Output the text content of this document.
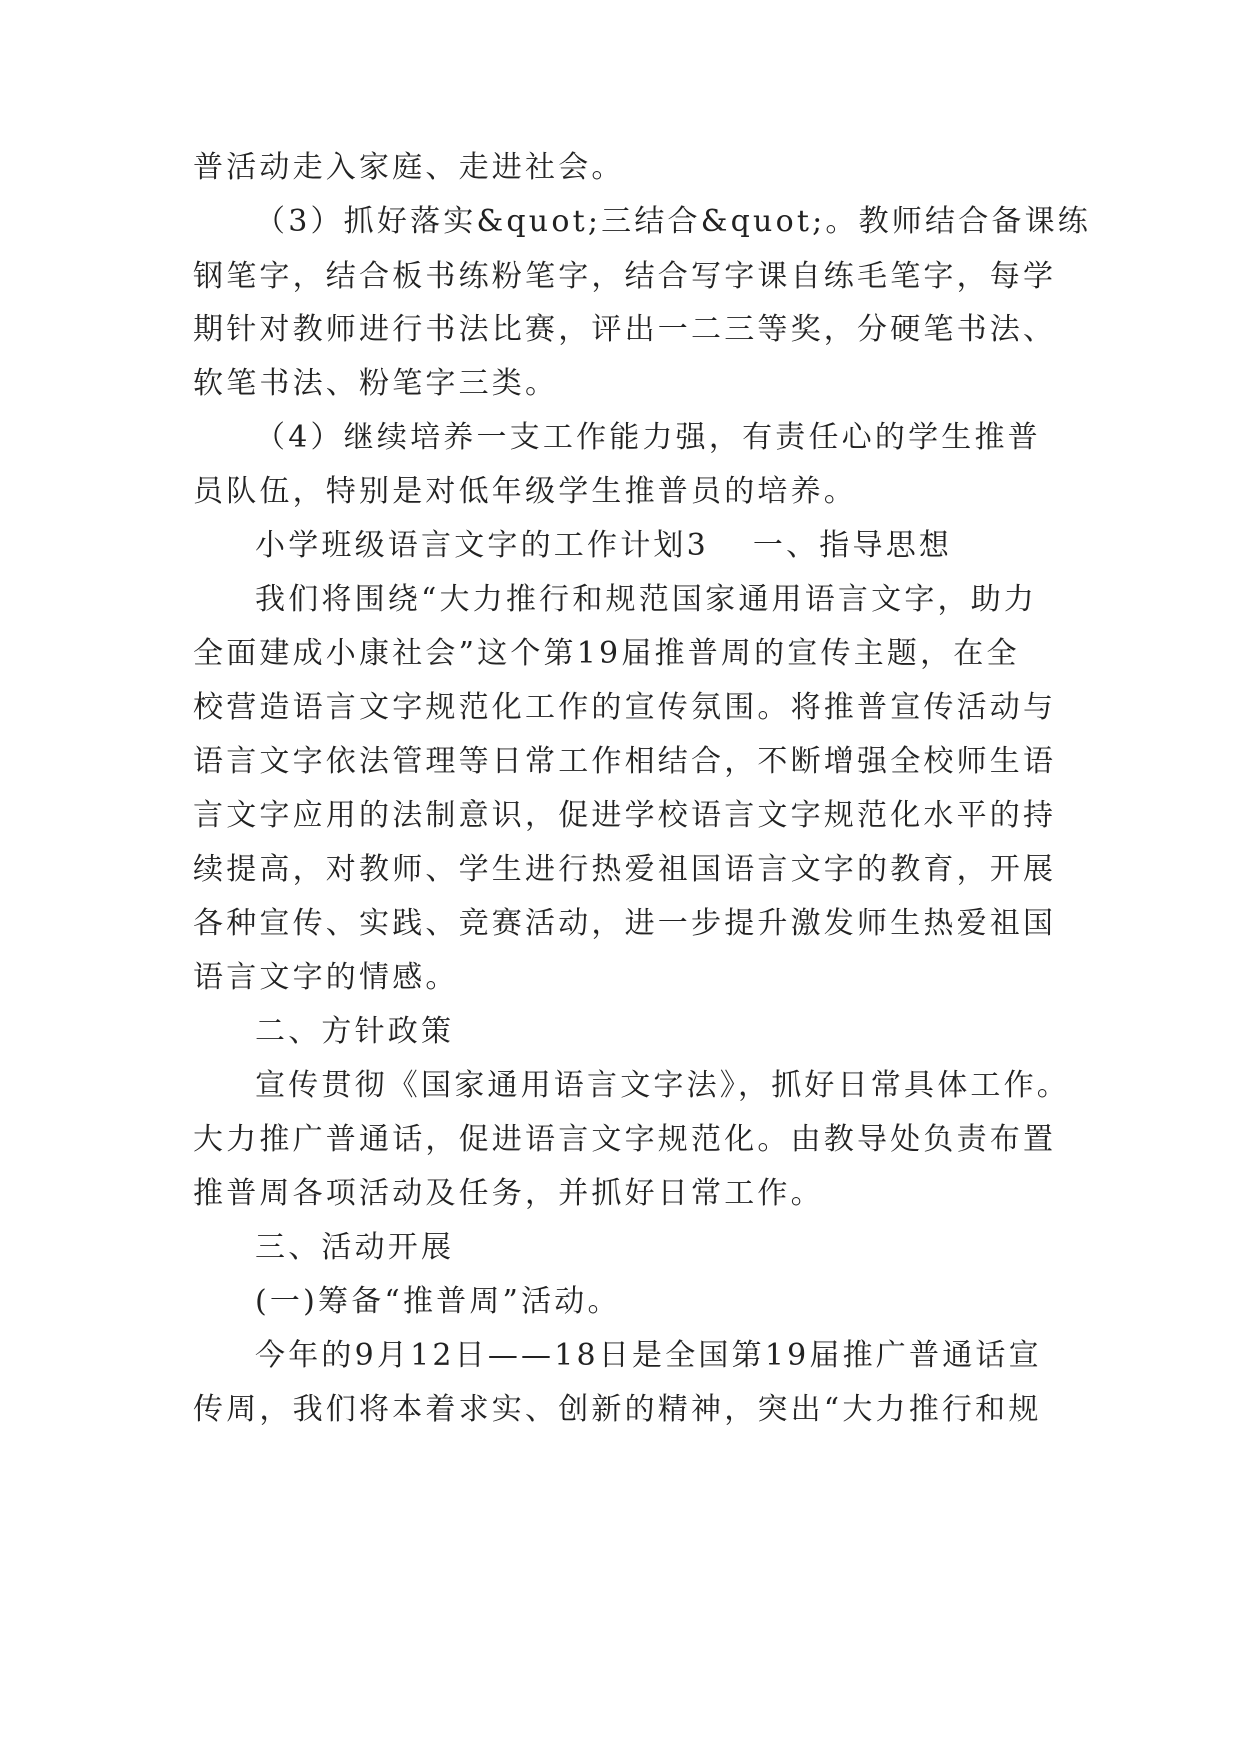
普活动走入家庭、走进社会。
（3）抓好落实&quot;三结合&quot;。教师结合备课练
钢笔字，结合板书练粉笔字，结合写字课自练毛笔字，每学
期针对教师进行书法比赛，评出一二三等奖，分硬笔书法、
软笔书法、粉笔字三类。
（4）继续培养一支工作能力强，有责任心的学生推普
员队伍，特别是对低年级学生推普员的培养。
小学班级语言文字的工作计划3 一、指导思想
我们将围绕“大力推行和规范国家通用语言文字，助力
全面建成小康社会”这个第19届推普周的宣传主题，在全
校营造语言文字规范化工作的宣传氛围。将推普宣传活动与
语言文字依法管理等日常工作相结合，不断增强全校师生语
言文字应用的法制意识，促进学校语言文字规范化水平的持
续提高，对教师、学生进行热爱祖国语言文字的教育，开展
各种宣传、实践、竞赛活动，进一步提升激发师生热爱祖国
语言文字的情感。
二、方针政策
宣传贯彻《国家通用语言文字法》，抓好日常具体工作。
大力推广普通话，促进语言文字规范化。由教导处负责布置
推普周各项活动及任务，并抓好日常工作。
三、活动开展
(一)筹备“推普周”活动。
今年的9月12日——18日是全国第19届推广普通话宣
传周，我们将本着求实、创新的精神，突出“大力推行和规
